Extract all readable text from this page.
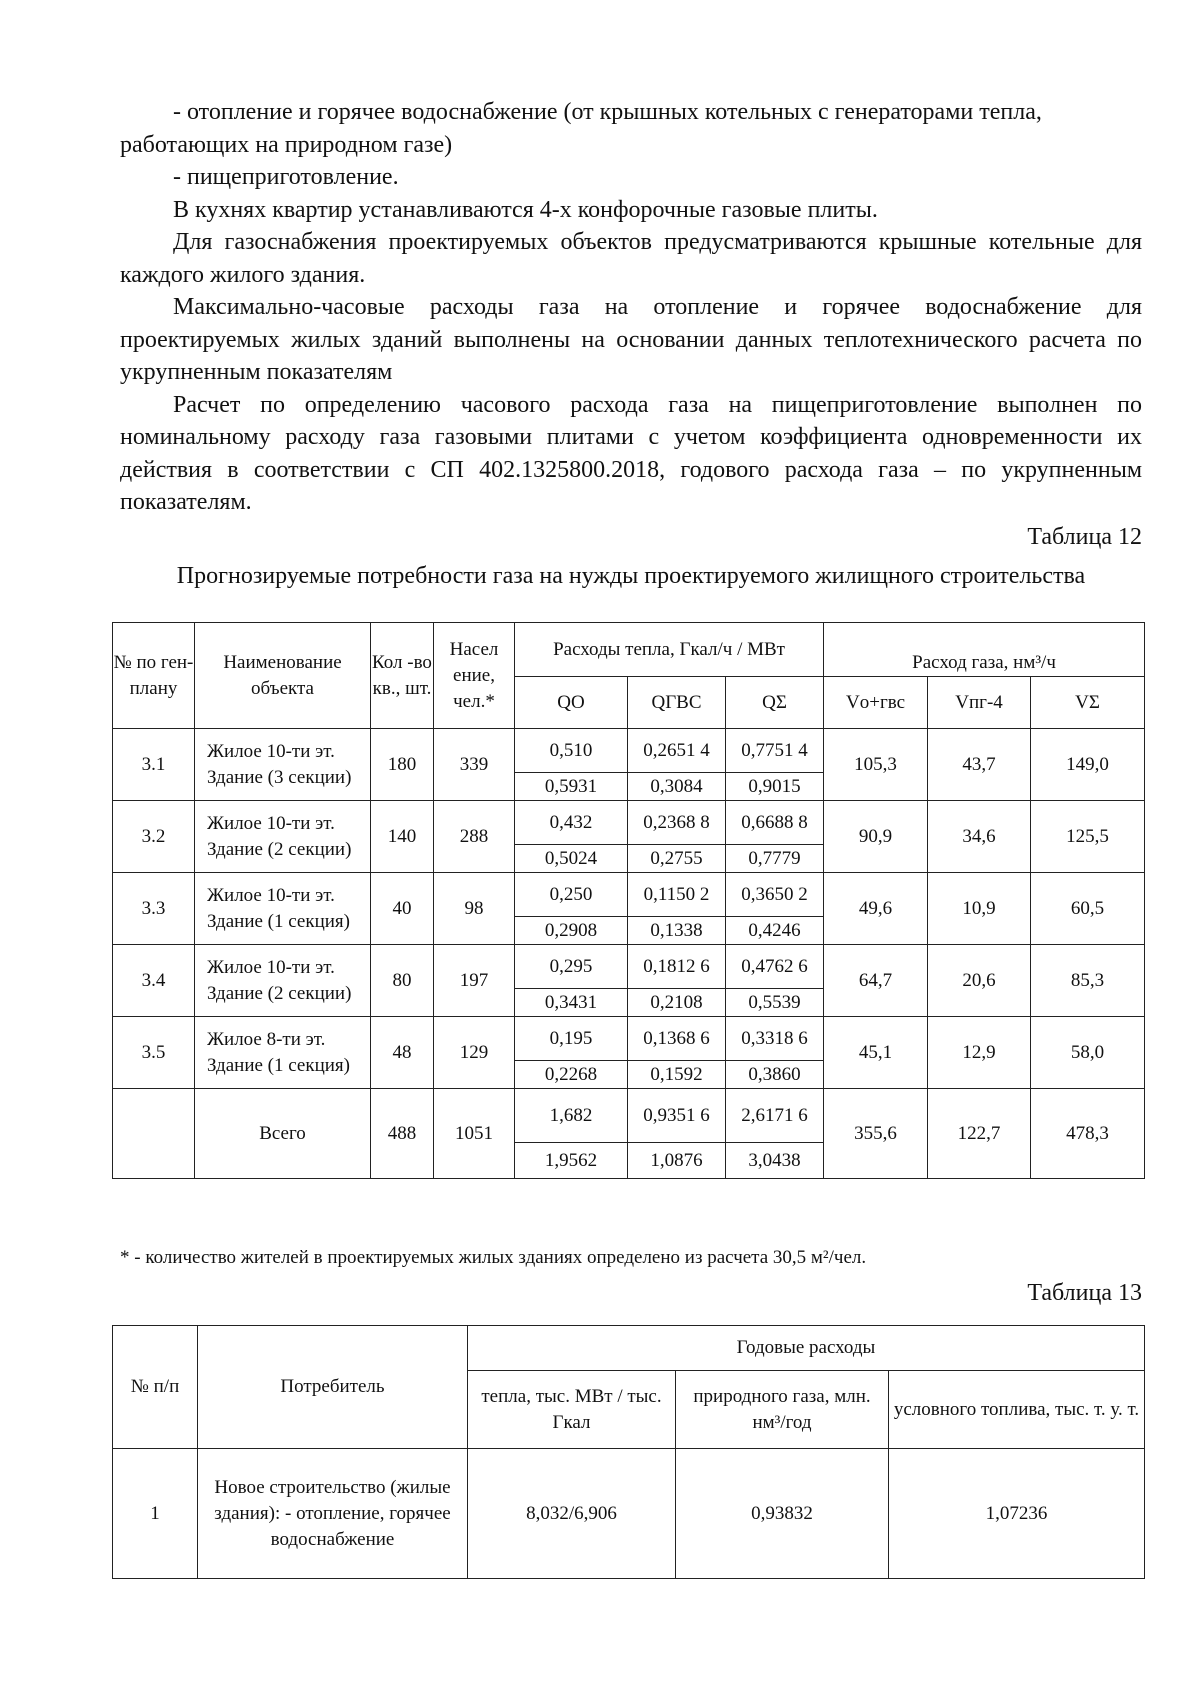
- отопление и горячее водоснабжение (от крышных котельных с генераторами тепла, работающих на природном газе)

- пищеприготовление.

В кухнях квартир устанавливаются 4-х конфорочные газовые плиты.

Для газоснабжения проектируемых объектов предусматриваются крышные котельные для каждого жилого здания.

Максимально-часовые расходы газа на отопление и горячее водоснабжение для проектируемых жилых зданий выполнены на основании данных теплотехнического расчета по укрупненным показателям

Расчет по определению часового расхода газа на пищеприготовление выполнен по номинальному расходу газа газовыми плитами с учетом коэффициента одновременности их действия в соответствии с СП 402.1325800.2018, годового расхода газа – по укрупненным показателям.

Таблица 12
Прогнозируемые потребности газа на нужды проектируемого жилищного строительства
№ по ген-плану	Наименование объекта	Кол -во кв., шт.	Насел ение, чел.*	Расходы тепла, Гкал/ч / МВт			Расход газа, нм³/ч		
				QO	QГВС	QΣ	Vо+гвс	Vпг-4	VΣ
3.1	Жилое 10-ти эт. Здание (3 секции)	180	339	0,510	0,2651 4	0,7751 4	105,3	43,7	149,0
				0,5931	0,3084	0,9015			
3.2	Жилое 10-ти эт. Здание (2 секции)	140	288	0,432	0,2368 8	0,6688 8	90,9	34,6	125,5
				0,5024	0,2755	0,7779			
3.3	Жилое 10-ти эт. Здание (1 секция)	40	98	0,250	0,1150 2	0,3650 2	49,6	10,9	60,5
				0,2908	0,1338	0,4246			
3.4	Жилое 10-ти эт. Здание (2 секции)	80	197	0,295	0,1812 6	0,4762 6	64,7	20,6	85,3
				0,3431	0,2108	0,5539			
3.5	Жилое 8-ти эт. Здание (1 секция)	48	129	0,195	0,1368 6	0,3318 6	45,1	12,9	58,0
				0,2268	0,1592	0,3860			
	Всего	488	1051	1,682	0,9351 6	2,6171 6	355,6	122,7	478,3
				1,9562	1,0876	3,0438			
* - количество жителей в проектируемых жилых зданиях определено из расчета 30,5 м²/чел.
Таблица 13
№ п/п	Потребитель	Годовые расходы		
		тепла, тыс. МВт / тыс. Гкал	природного газа, млн. нм³/год	условного топлива, тыс. т. у. т.
1	Новое строительство (жилые здания): - отопление, горячее водоснабжение	8,032/6,906	0,93832	1,07236
